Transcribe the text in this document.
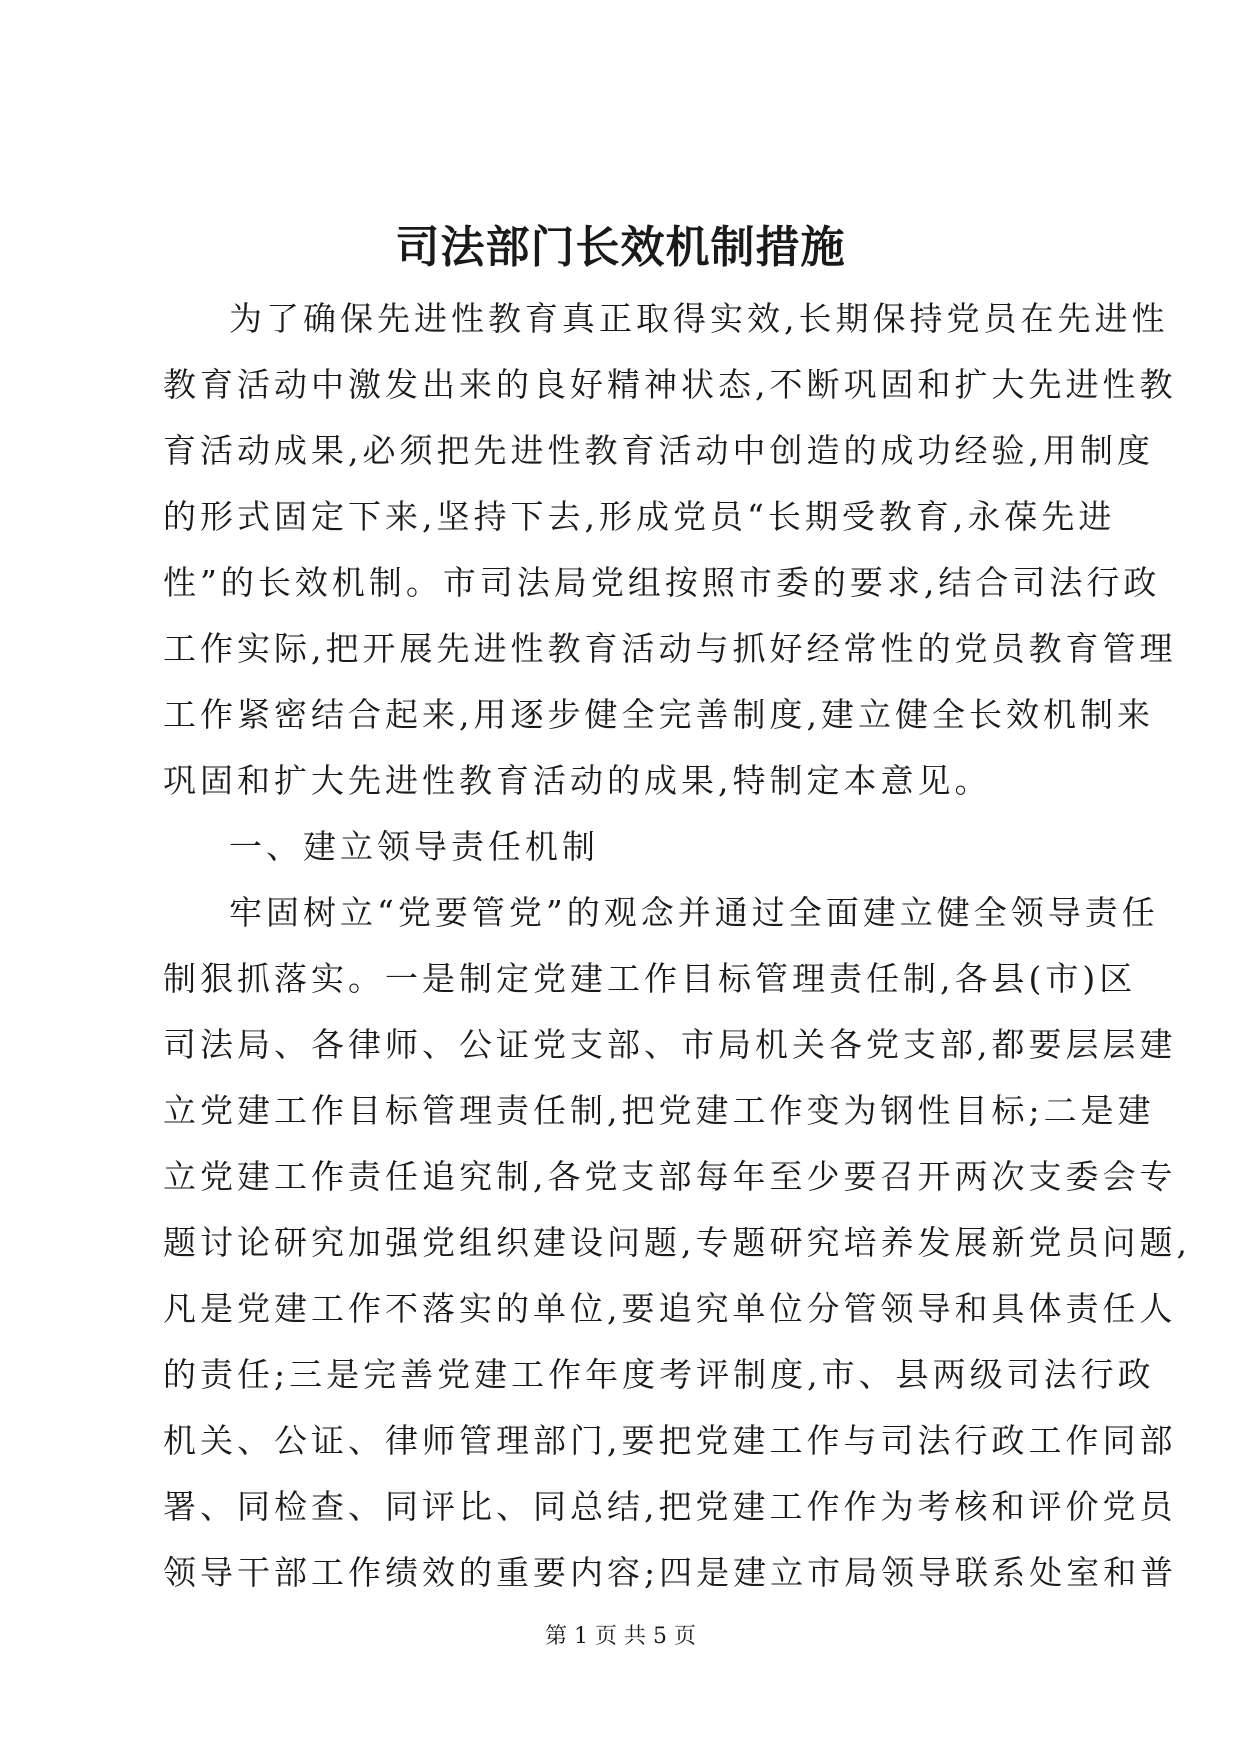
司法部门长效机制措施
为了确保先进性教育真正取得实效,长期保持党员在先进性
教育活动中激发出来的良好精神状态,不断巩固和扩大先进性教
育活动成果,必须把先进性教育活动中创造的成功经验,用制度
的形式固定下来,坚持下去,形成党员“长期受教育,永葆先进
性”的长效机制。市司法局党组按照市委的要求,结合司法行政
工作实际,把开展先进性教育活动与抓好经常性的党员教育管理
工作紧密结合起来,用逐步健全完善制度,建立健全长效机制来
巩固和扩大先进性教育活动的成果,特制定本意见。
一、建立领导责任机制
牢固树立“党要管党”的观念并通过全面建立健全领导责任
制狠抓落实。一是制定党建工作目标管理责任制,各县(市)区
司法局、各律师、公证党支部、市局机关各党支部,都要层层建
立党建工作目标管理责任制,把党建工作变为钢性目标;二是建
立党建工作责任追究制,各党支部每年至少要召开两次支委会专
题讨论研究加强党组织建设问题,专题研究培养发展新党员问题,
凡是党建工作不落实的单位,要追究单位分管领导和具体责任人
的责任;三是完善党建工作年度考评制度,市、县两级司法行政
机关、公证、律师管理部门,要把党建工作与司法行政工作同部
署、同检查、同评比、同总结,把党建工作作为考核和评价党员
领导干部工作绩效的重要内容;四是建立市局领导联系处室和普
第 1 页 共 5 页
